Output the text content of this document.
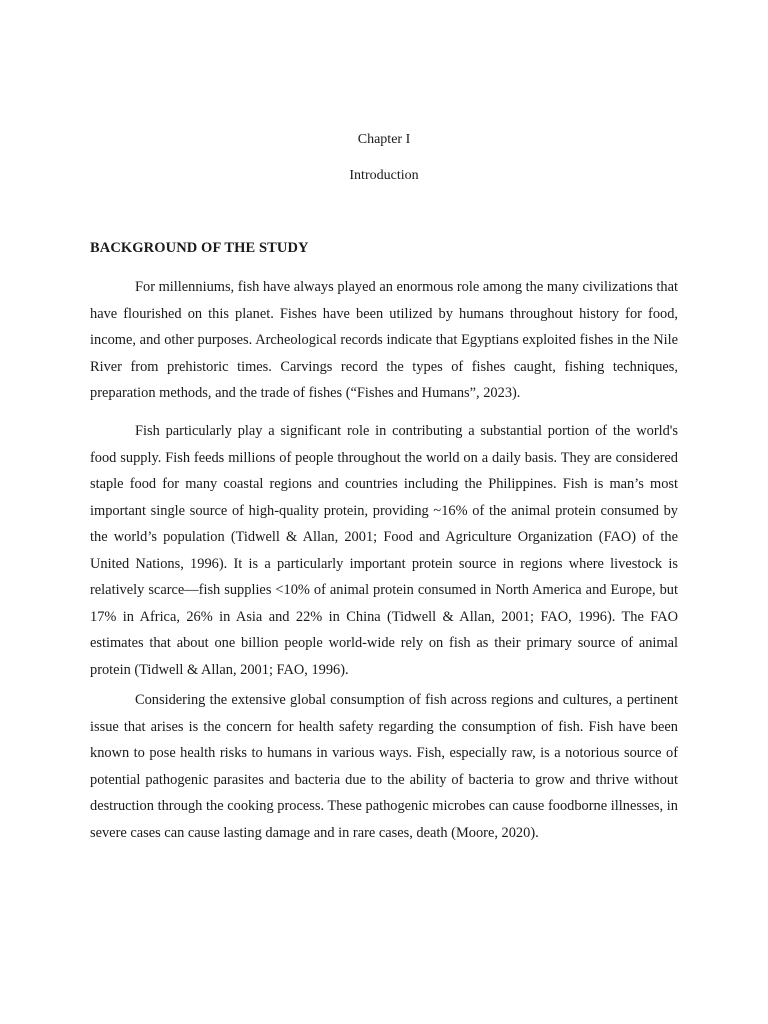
Chapter I
Introduction
BACKGROUND OF THE STUDY

For millenniums, fish have always played an enormous role among the many civilizations that have flourished on this planet. Fishes have been utilized by humans throughout history for food, income, and other purposes. Archeological records indicate that Egyptians exploited fishes in the Nile River from prehistoric times. Carvings record the types of fishes caught, fishing techniques, preparation methods, and the trade of fishes (“Fishes and Humans”, 2023).

Fish particularly play a significant role in contributing a substantial portion of the world's food supply. Fish feeds millions of people throughout the world on a daily basis. They are considered staple food for many coastal regions and countries including the Philippines. Fish is man’s most important single source of high-quality protein, providing ~16% of the animal protein consumed by the world’s population (Tidwell & Allan, 2001; Food and Agriculture Organization (FAO) of the United Nations, 1996). It is a particularly important protein source in regions where livestock is relatively scarce—fish supplies <10% of animal protein consumed in North America and Europe, but 17% in Africa, 26% in Asia and 22% in China (Tidwell & Allan, 2001; FAO, 1996). The FAO estimates that about one billion people world-wide rely on fish as their primary source of animal protein (Tidwell & Allan, 2001; FAO, 1996).

Considering the extensive global consumption of fish across regions and cultures, a pertinent issue that arises is the concern for health safety regarding the consumption of fish. Fish have been known to pose health risks to humans in various ways. Fish, especially raw, is a notorious source of potential pathogenic parasites and bacteria due to the ability of bacteria to grow and thrive without destruction through the cooking process. These pathogenic microbes can cause foodborne illnesses, in severe cases can cause lasting damage and in rare cases, death (Moore, 2020).
